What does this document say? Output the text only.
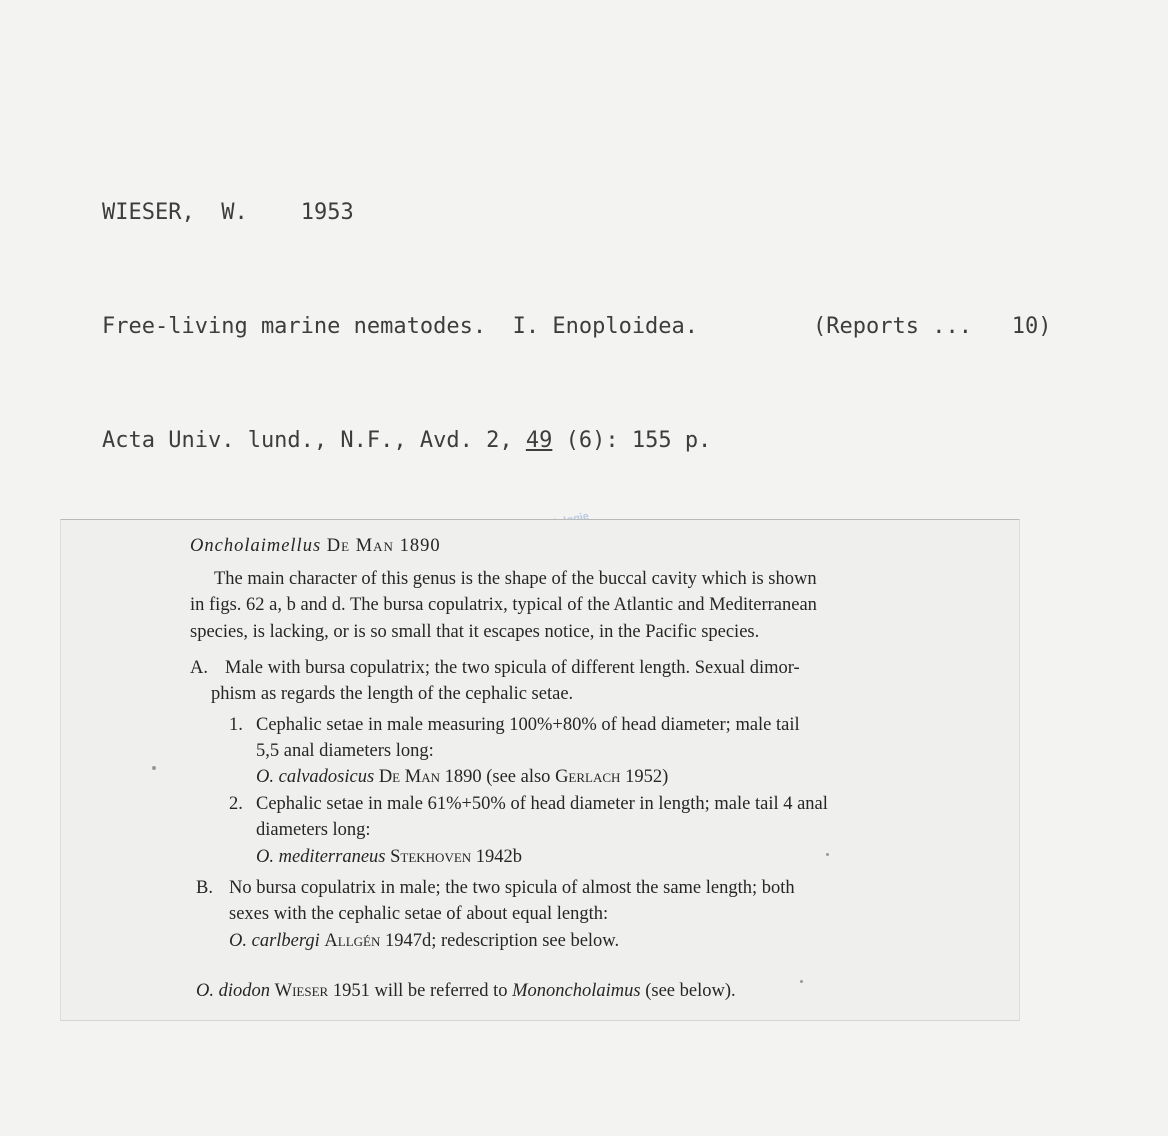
WIESER, W. 1953

Free-living marine nematodes. I. Enoploidea.	(Reports ... 10)

Acta Univ. lund., N.F., Avd. 2, 49 (6): 155 p.

Oncholaimellus De Man 1890
The main character of this genus is the shape of the buccal cavity which is shown
in figs. 62 a, b and d. The bursa copulatrix, typical of the Atlantic and Mediterranean
species, is lacking, or is so small that it escapes notice, in the Pacific species.
A. Male with bursa copulatrix; the two spicula of different length. Sexual dimor-
phism as regards the length of the cephalic setae.
1. Cephalic setae in male measuring 100%+80% of head diameter; male tail
5,5 anal diameters long:
O. calvadosicus De Man 1890 (see also Gerlach 1952)
2. Cephalic setae in male 61%+50% of head diameter in length; male tail 4 anal
diameters long:
O. mediterraneus Stekhoven 1942b
B. No bursa copulatrix in male; the two spicula of almost the same length; both
sexes with the cephalic setae of about equal length:
O. carlbergi Allgén 1947d; redescription see below.
O. diodon Wieser 1951 will be referred to Mononcholaimus (see below).
